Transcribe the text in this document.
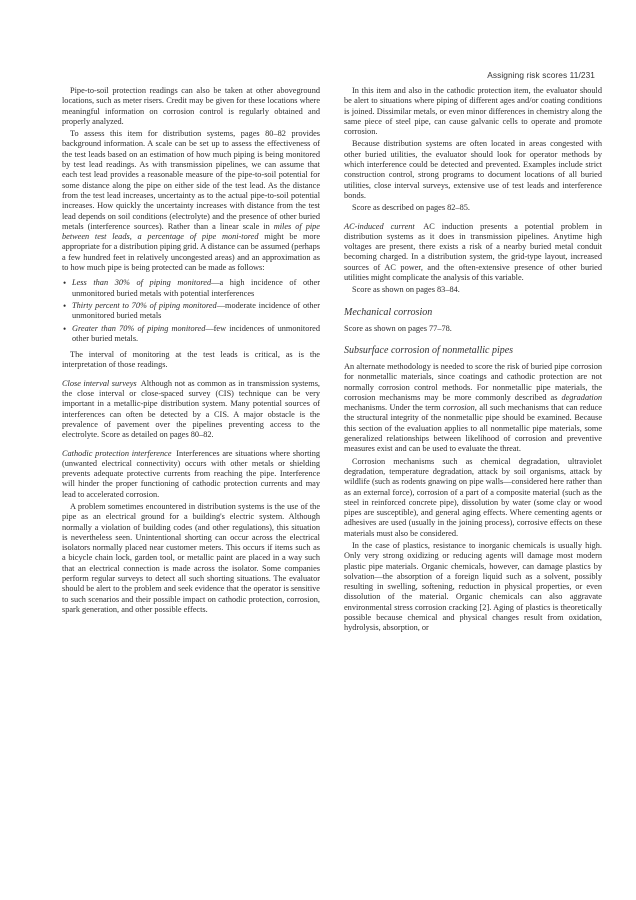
Assigning risk scores 11/231

Pipe-to-soil protection readings can also be taken at other aboveground locations, such as meter risers. Credit may be given for these locations where meaningful information on corrosion control is regularly obtained and properly analyzed.

To assess this item for distribution systems, pages 80–82 provides background information. A scale can be set up to assess the effectiveness of the test leads based on an estimation of how much piping is being monitored by test lead readings. As with transmission pipelines, we can assume that each test lead provides a reasonable measure of the pipe-to-soil potential for some distance along the pipe on either side of the test lead. As the distance from the test lead increases, uncertainty as to the actual pipe-to-soil potential increases. How quickly the uncertainty increases with distance from the test lead depends on soil conditions (electrolyte) and the presence of other buried metals (interference sources). Rather than a linear scale in miles of pipe between test leads, a percentage of pipe moni-tored might be more appropriate for a distribution piping grid. A distance can be assumed (perhaps a few hundred feet in relatively uncongested areas) and an approximation as to how much pipe is being protected can be made as follows:

• Less than 30% of piping monitored—a high incidence of other unmonitored buried metals with potential interferences
• Thirty percent to 70% of piping monitored—moderate incidence of other unmonitored buried metals
• Greater than 70% of piping monitored—few incidences of unmonitored other buried metals.

The interval of monitoring at the test leads is critical, as is the interpretation of those readings.

Close interval surveys Although not as common as in transmission systems, the close interval or close-spaced survey (CIS) technique can be very important in a metallic-pipe distribution system. Many potential sources of interferences can often be detected by a CIS. A major obstacle is the prevalence of pavement over the pipelines preventing access to the electrolyte. Score as detailed on pages 80–82.

Cathodic protection interference Interferences are situations where shorting (unwanted electrical connectivity) occurs with other metals or shielding prevents adequate protective currents from reaching the pipe. Interference will hinder the proper functioning of cathodic protection currents and may lead to accelerated corrosion.

A problem sometimes encountered in distribution systems is the use of the pipe as an electrical ground for a building's electric system. Although normally a violation of building codes (and other regulations), this situation is nevertheless seen. Unintentional shorting can occur across the electrical isolators normally placed near customer meters. This occurs if items such as a bicycle chain lock, garden tool, or metallic paint are placed in a way such that an electrical connection is made across the isolator. Some companies perform regular surveys to detect all such shorting situations. The evaluator should be alert to the problem and seek evidence that the operator is sensitive to such scenarios and their possible impact on cathodic protection, corrosion, spark generation, and other possible effects.

In this item and also in the cathodic protection item, the evaluator should be alert to situations where piping of different ages and/or coating conditions is joined. Dissimilar metals, or even minor differences in chemistry along the same piece of steel pipe, can cause galvanic cells to operate and promote corrosion.

Because distribution systems are often located in areas congested with other buried utilities, the evaluator should look for operator methods by which interference could be detected and prevented. Examples include strict construction control, strong programs to document locations of all buried utilities, close interval surveys, extensive use of test leads and interference bonds.

Score as described on pages 82–85.

AC-induced current AC induction presents a potential problem in distribution systems as it does in transmission pipelines. Anytime high voltages are present, there exists a risk of a nearby buried metal conduit becoming charged. In a distribution system, the grid-type layout, increased sources of AC power, and the often-extensive presence of other buried utilities might complicate the analysis of this variable.

Score as shown on pages 83–84.

Mechanical corrosion

Score as shown on pages 77–78.

Subsurface corrosion of nonmetallic pipes

An alternate methodology is needed to score the risk of buried pipe corrosion for nonmetallic materials, since coatings and cathodic protection are not normally corrosion control methods. For nonmetallic pipe materials, the corrosion mechanisms may be more commonly described as degradation mechanisms. Under the term corrosion, all such mechanisms that can reduce the structural integrity of the nonmetallic pipe should be examined. Because this section of the evaluation applies to all nonmetallic pipe materials, some generalized relationships between likelihood of corrosion and preventive measures exist and can be used to evaluate the threat.

Corrosion mechanisms such as chemical degradation, ultraviolet degradation, temperature degradation, attack by soil organisms, attack by wildlife (such as rodents gnawing on pipe walls—considered here rather than as an external force), corrosion of a part of a composite material (such as the steel in reinforced concrete pipe), dissolution by water (some clay or wood pipes are susceptible), and general aging effects. Where cementing agents or adhesives are used (usually in the joining process), corrosive effects on these materials must also be considered.

In the case of plastics, resistance to inorganic chemicals is usually high. Only very strong oxidizing or reducing agents will damage most modern plastic pipe materials. Organic chemicals, however, can damage plastics by solvation—the absorption of a foreign liquid such as a solvent, possibly resulting in swelling, softening, reduction in physical properties, or even dissolution of the material. Organic chemicals can also aggravate environmental stress corrosion cracking [2]. Aging of plastics is theoretically possible because chemical and physical changes result from oxidation, hydrolysis, absorption, or
